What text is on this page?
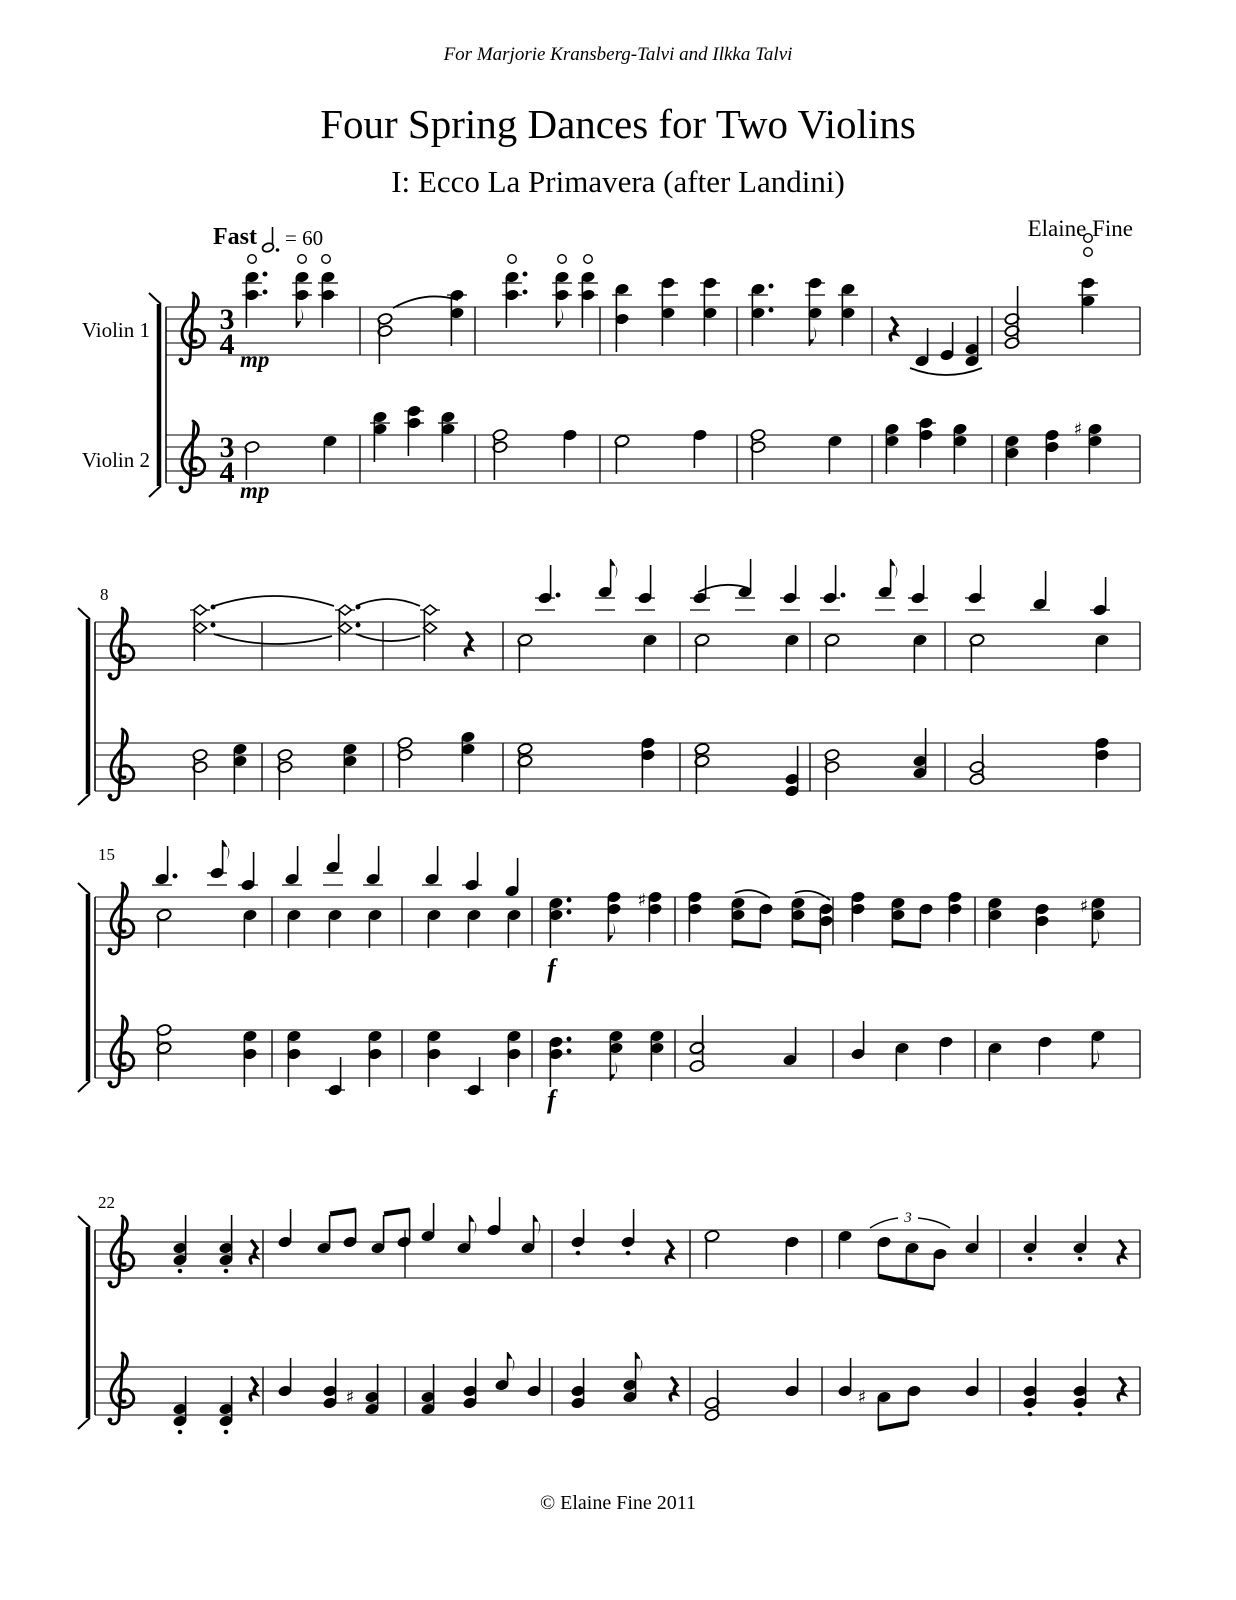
For Marjorie Kransberg-Talvi and Ilkka Talvi
Four Spring Dances for Two Violins
I: Ecco La Primavera (after Landini)
Elaine Fine
Fast = 60
Violin 1
Violin 2
3
4
3
4
♯
8
15
♯	♯
22
♯	♯
3
mp
mp
f
f
© Elaine Fine 2011
